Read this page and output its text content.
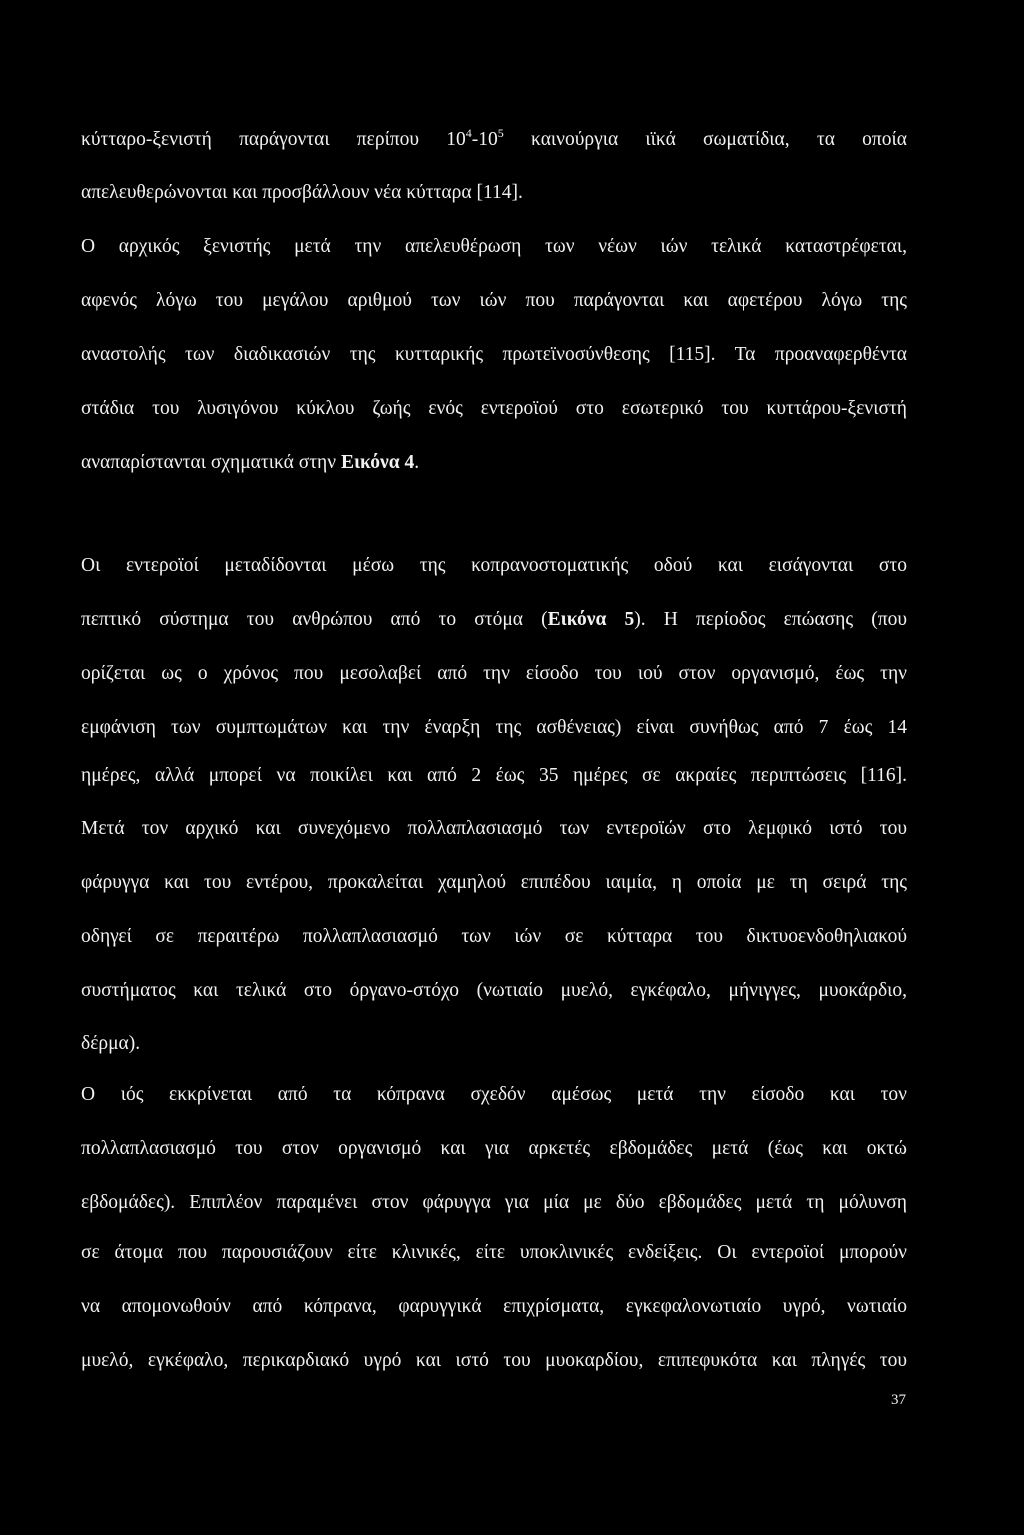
κύτταρο-ξενιστή παράγονται περίπου $10^4-10^5$ καινούργια ιϊκά σωματίδια, τα οποία
απελευθερώνονται και προσβάλλουν νέα κύτταρα [114].
Ο αρχικός ξενιστής μετά την απελευθέρωση των νέων ιών τελικά καταστρέφεται,
αφενός λόγω του μεγάλου αριθμού των ιών που παράγονται και αφετέρου λόγω της
αναστολής των διαδικασιών της κυτταρικής πρωτεϊνοσύνθεσης [115]. Τα προαναφερθέντα
στάδια του λυσιγόνου κύκλου ζωής ενός εντεροϊού στο εσωτερικό του κυττάρου-ξενιστή
αναπαρίστανται σχηματικά στην Εικόνα 4.
Οι εντεροϊοί μεταδίδονται μέσω της κοπρανοστοματικής οδού και εισάγονται στο
πεπτικό σύστημα του ανθρώπου από το στόμα (Εικόνα 5). Η περίοδος επώασης (που
ορίζεται ως ο χρόνος που μεσολαβεί από την είσοδο του ιού στον οργανισμό, έως την
εμφάνιση των συμπτωμάτων και την έναρξη της ασθένειας) είναι συνήθως από 7 έως 14
ημέρες, αλλά μπορεί να ποικίλει και από 2 έως 35 ημέρες σε ακραίες περιπτώσεις [116].
Μετά τον αρχικό και συνεχόμενο πολλαπλασιασμό των εντεροϊών στο λεμφικό ιστό του
φάρυγγα και του εντέρου, προκαλείται χαμηλού επιπέδου ιαιμία, η οποία με τη σειρά της
οδηγεί σε περαιτέρω πολλαπλασιασμό των ιών σε κύτταρα του δικτυοενδοθηλιακού
συστήματος και τελικά στο όργανο-στόχο (νωτιαίο μυελό, εγκέφαλο, μήνιγγες, μυοκάρδιο,
δέρμα).
Ο ιός εκκρίνεται από τα κόπρανα σχεδόν αμέσως μετά την είσοδο και τον
πολλαπλασιασμό του στον οργανισμό και για αρκετές εβδομάδες μετά (έως και οκτώ
εβδομάδες). Επιπλέον παραμένει στον φάρυγγα για μία με δύο εβδομάδες μετά τη μόλυνση
σε άτομα που παρουσιάζουν είτε κλινικές, είτε υποκλινικές ενδείξεις. Οι εντεροϊοί μπορούν
να απομονωθούν από κόπρανα, φαρυγγικά επιχρίσματα, εγκεφαλονωτιαίο υγρό, νωτιαίο
μυελό, εγκέφαλο, περικαρδιακό υγρό και ιστό του μυοκαρδίου, επιπεφυκότα και πληγές του
37
